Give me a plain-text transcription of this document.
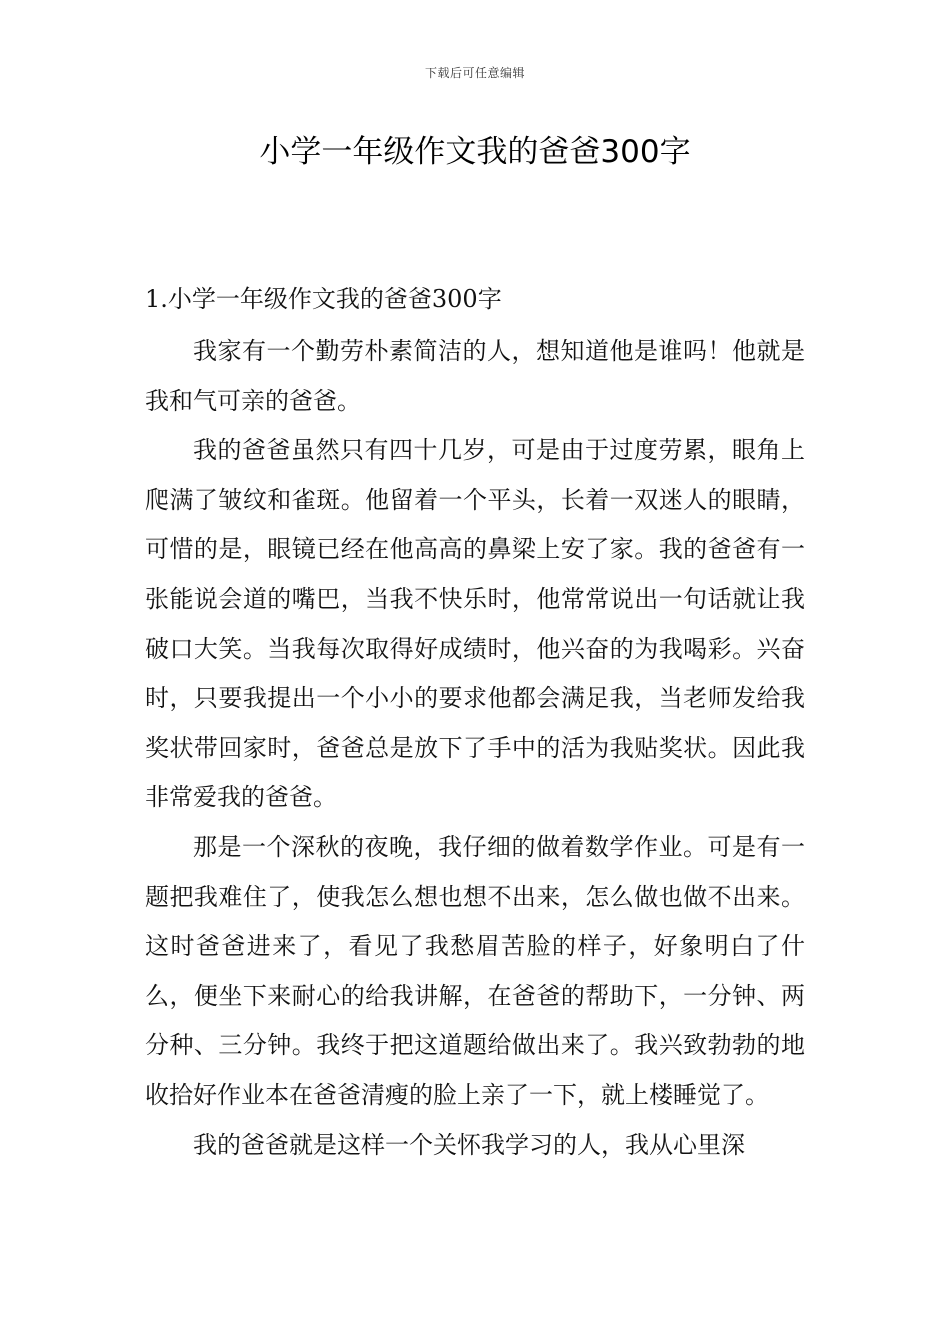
下载后可任意编辑
小学一年级作文我的爸爸300字
1.小学一年级作文我的爸爸300字

我家有一个勤劳朴素简洁的人，想知道他是谁吗！他就是我和气可亲的爸爸。

我的爸爸虽然只有四十几岁，可是由于过度劳累，眼角上爬满了皱纹和雀斑。他留着一个平头，长着一双迷人的眼睛，可惜的是，眼镜已经在他高高的鼻梁上安了家。我的爸爸有一张能说会道的嘴巴，当我不快乐时，他常常说出一句话就让我破口大笑。当我每次取得好成绩时，他兴奋的为我喝彩。兴奋时，只要我提出一个小小的要求他都会满足我，当老师发给我奖状带回家时，爸爸总是放下了手中的活为我贴奖状。因此我非常爱我的爸爸。

那是一个深秋的夜晚，我仔细的做着数学作业。可是有一题把我难住了，使我怎么想也想不出来，怎么做也做不出来。这时爸爸进来了，看见了我愁眉苦脸的样子，好象明白了什么，便坐下来耐心的给我讲解，在爸爸的帮助下，一分钟、两分种、三分钟。我终于把这道题给做出来了。我兴致勃勃的地收拾好作业本在爸爸清瘦的脸上亲了一下，就上楼睡觉了。

我的爸爸就是这样一个关怀我学习的人，我从心里深
